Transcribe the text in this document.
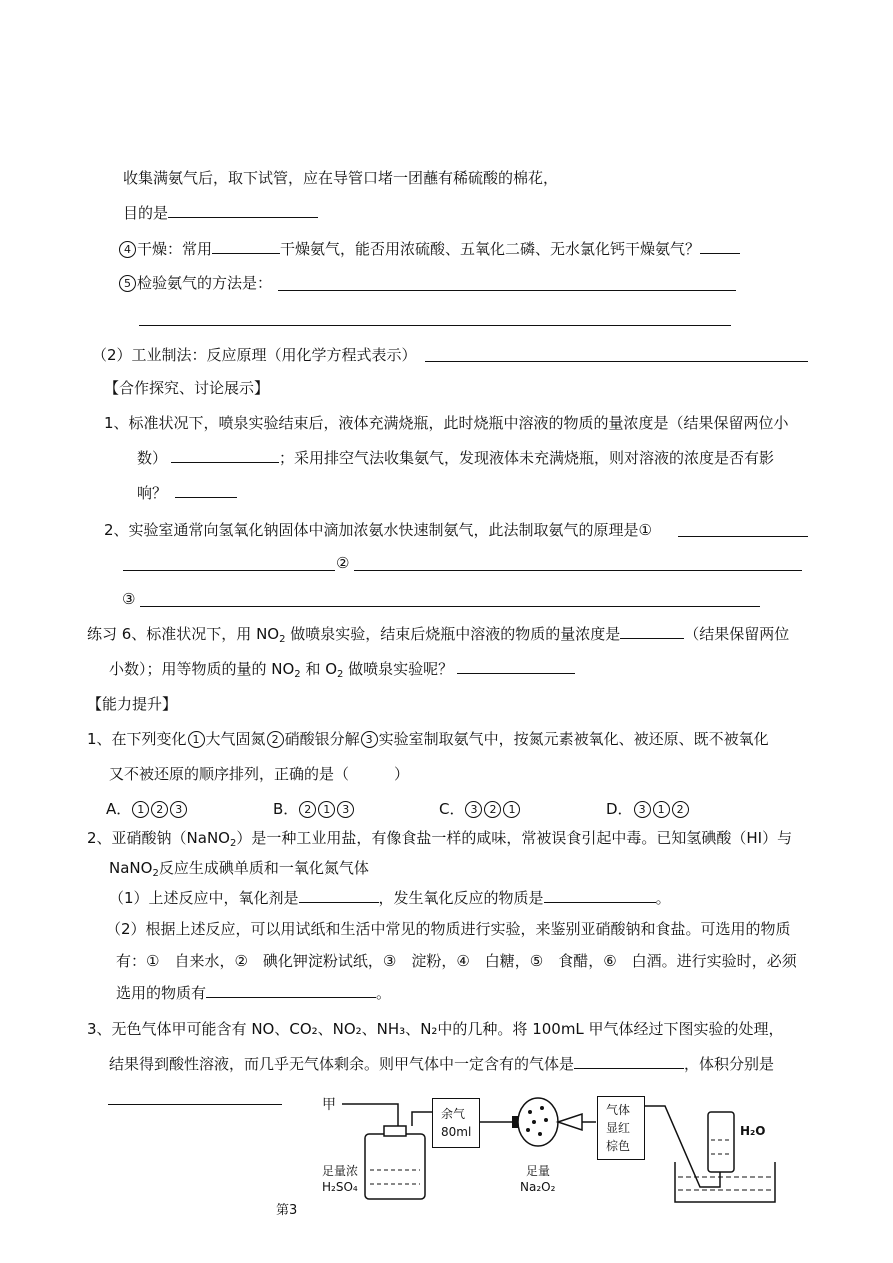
收集满氨气后，取下试管，应在导管口堵一团蘸有稀硫酸的棉花，
目的是
4 干燥：常用	干燥氨气，能否用浓硫酸、五氧化二磷、无水氯化钙干燥氨气？
5 检验氨气的方法是：
（2）工业制法：反应原理（用化学方程式表示）
【合作探究、讨论展示】
1、标准状况下，喷泉实验结束后，液体充满烧瓶，此时烧瓶中溶液的物质的量浓度是（结果保留两位小
数）	；采用排空气法收集氨气，发现液体未充满烧瓶，则对溶液的浓度是否有影
响？
2、实验室通常向氢氧化钠固体中滴加浓氨水快速制氨气，此法制取氨气的原理是①
②
③
练习 6、标准状况下，用 $NO_2$ 做喷泉实验，结束后烧瓶中溶液的物质的量浓度是	（结果保留两位
小数）；用等物质的量的 $NO_2$ 和 $O_2$ 做喷泉实验呢？
【能力提升】
1、在下列变化 1 大气固氮 2 硝酸银分解 3 实验室制取氨气中，按氮元素被氧化、被还原、既不被氧化
又不被还原的顺序排列，正确的是（　　　）
A． 1 2 3	B． 2 1 3	C． 3 2 1	D． 3 1 2
2、亚硝酸钠（NaNO$_2$）是一种工业用盐，有像食盐一样的咸味，常被误食引起中毒。已知氢碘酸（HI）与
NaNO$_2$反应生成碘单质和一氧化氮气体
（1）上述反应中，氧化剂是	，发生氧化反应的物质是	。
（2）根据上述反应，可以用试纸和生活中常见的物质进行实验，来鉴别亚硝酸钠和食盐。可选用的物质
有：①　自来水，②　碘化钾淀粉试纸，③　淀粉，④　白糖，⑤　食醋，⑥　白酒。进行实验时，必须
选用的物质有	。
3、无色气体甲可能含有 NO、CO₂、NO₂、NH₃、N₂中的几种。将 100mL 甲气体经过下图实验的处理，
结果得到酸性溶液，而几乎无气体剩余。则甲气体中一定含有的气体是	，体积分别是
甲
足量浓
H₂SO₄
余气
80ml
足量
Na₂O₂
气体
显红
棕色
H₂O
第3
